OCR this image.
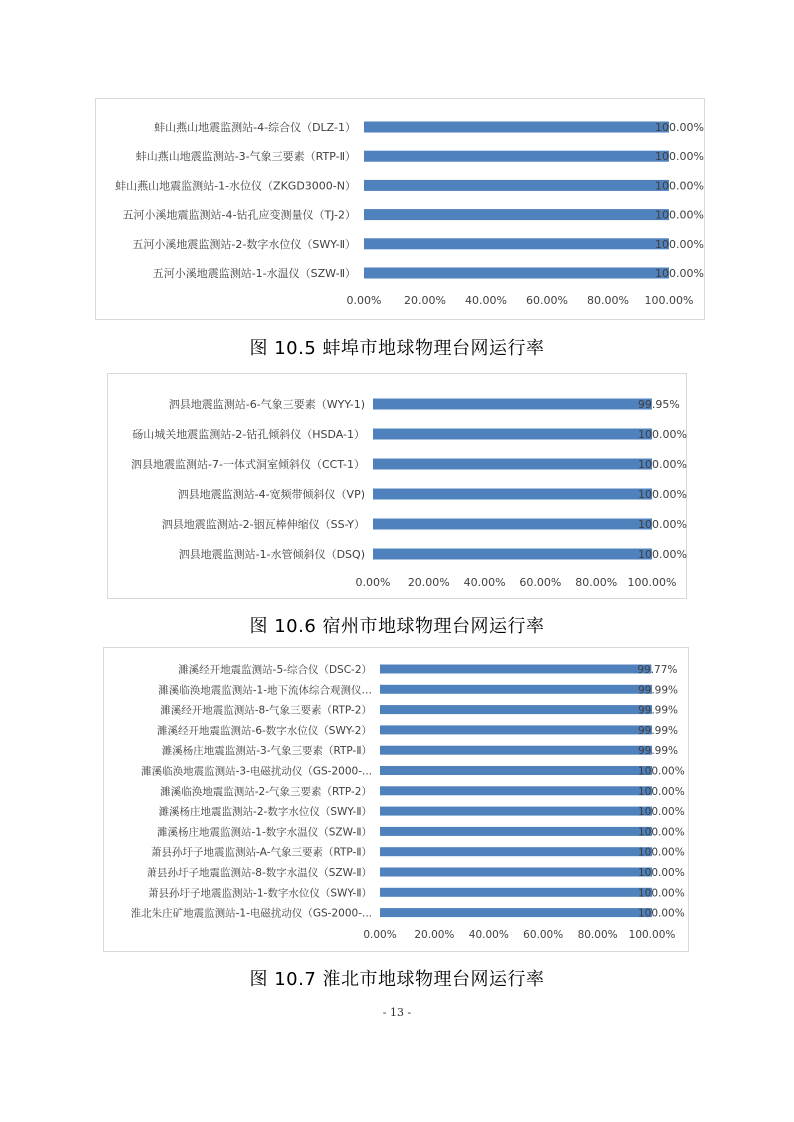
蚌山燕山地震监测站-4-综合仪（DLZ-1）	100.00%
蚌山燕山地震监测站-3-气象三要素（RTP-Ⅱ）	100.00%
蚌山燕山地震监测站-1-水位仪（ZKGD3000-N）	100.00%
五河小溪地震监测站-4-钻孔应变测量仪（TJ-2）	100.00%
五河小溪地震监测站-2-数字水位仪（SWY-Ⅱ）	100.00%
五河小溪地震监测站-1-水温仪（SZW-Ⅱ）	100.00%
0.00% 20.00% 40.00% 60.00% 80.00% 100.00%
图 10.5 蚌埠市地球物理台网运行率
泗县地震监测站-6-气象三要素（WYY-1)	99.95%
砀山城关地震监测站-2-钻孔倾斜仪（HSDA-1）	100.00%
泗县地震监测站-7-一体式洞室倾斜仪（CCT-1）	100.00%
泗县地震监测站-4-宽频带倾斜仪（VP)	100.00%
泗县地震监测站-2-铟瓦棒伸缩仪（SS-Y）	100.00%
泗县地震监测站-1-水管倾斜仪（DSQ)	100.00%
0.00% 20.00% 40.00% 60.00% 80.00% 100.00%
图 10.6 宿州市地球物理台网运行率
濉溪经开地震监测站-5-综合仪（DSC-2）	99.77%
濉溪临涣地震监测站-1-地下流体综合观测仪…	99.99%
濉溪经开地震监测站-8-气象三要素（RTP-2）	99.99%
濉溪经开地震监测站-6-数字水位仪（SWY-2）	99.99%
濉溪杨庄地震监测站-3-气象三要素（RTP-Ⅱ）	99.99%
濉溪临涣地震监测站-3-电磁扰动仪（GS-2000-...	100.00%
濉溪临涣地震监测站-2-气象三要素（RTP-2）	100.00%
濉溪杨庄地震监测站-2-数字水位仪（SWY-Ⅱ）	100.00%
濉溪杨庄地震监测站-1-数字水温仪（SZW-Ⅱ）	100.00%
萧县孙圩子地震监测站-A-气象三要素（RTP-Ⅱ）	100.00%
萧县孙圩子地震监测站-8-数字水温仪（SZW-Ⅱ）	100.00%
萧县孙圩子地震监测站-1-数字水位仪（SWY-Ⅱ）	100.00%
淮北朱庄矿地震监测站-1-电磁扰动仪（GS-2000-...	100.00%
0.00% 20.00% 40.00% 60.00% 80.00% 100.00%
图 10.7 淮北市地球物理台网运行率
- 13 -
